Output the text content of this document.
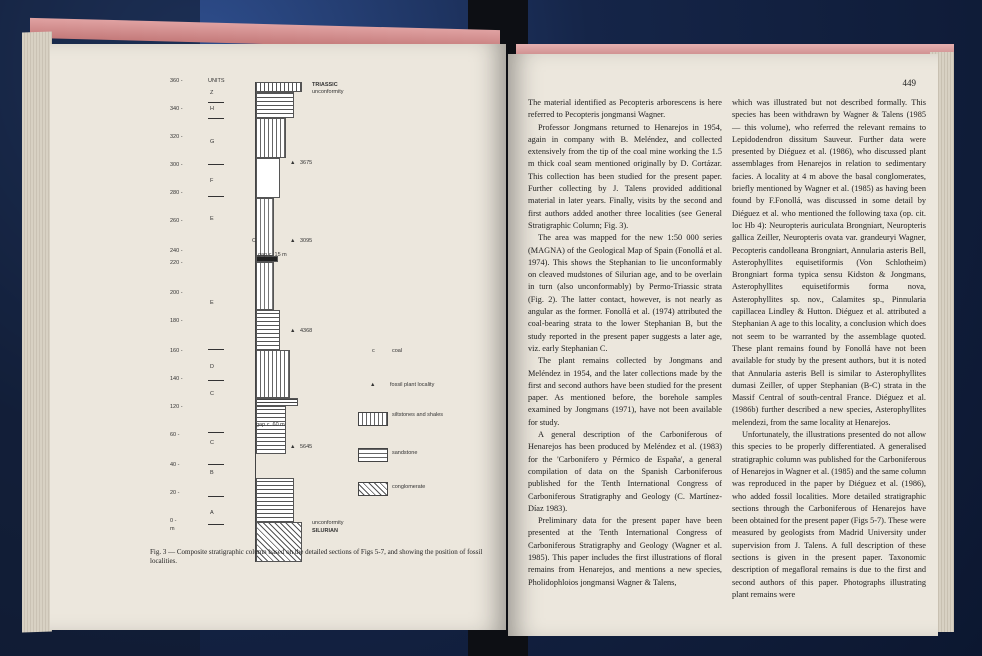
UNITS
360 -
340 -
320 -
300 -
280 -
260 -
240 -
220 -
200 -
180 -
160 -
140 -
120 -
60 -
40 -
20 -
0 -
m
Z
H
G
F
E
E
D
C
C
B
A
TRIASSIC
unconformity
▲ 3675
C	▲ 3095
gap c. 15 m
▲ 4368
gap c. 60 m
▲ 5645
unconformity
SILURIAN
c	coal
▲	fossil plant locality
siltstones and shales
sandstone
conglomerate
Fig. 3 — Composite stratigraphic column based on the detailed sections of Figs 5-7, and showing the position of fossil localities.
449

The material identified as Pecopteris arborescens is here referred to Pecopteris jongmansi Wagner.

Professor Jongmans returned to Henarejos in 1954, again in company with B. Meléndez, and collected extensively from the tip of the coal mine working the 1.5 m thick coal seam mentioned originally by D. Cortázar. This collection has been studied for the present paper. Further collecting by J. Talens provided additional material in later years. Finally, visits by the second and first authors added another three localities (see General Stratigraphic Column; Fig. 3).

The area was mapped for the new 1:50 000 series (MAGNA) of the Geological Map of Spain (Fonollá et al. 1974). This shows the Stephanian to lie unconformably on cleaved mudstones of Silurian age, and to be overlain in turn (also unconformably) by Permo-Triassic strata (Fig. 2). The latter contact, however, is not nearly as angular as the former. Fonollá et al. (1974) attributed the coal-bearing strata to the lower Stephanian B, but the study reported in the present paper suggests a later age, viz. early Stephanian C.

The plant remains collected by Jongmans and Meléndez in 1954, and the later collections made by the first and second authors have been studied for the present paper. As mentioned before, the borehole samples examined by Jongmans (1971), have not been available for study.

A general description of the Carboniferous of Henarejos has been produced by Meléndez et al. (1983) for the 'Carbonifero y Pérmico de España', a general compilation of data on the Spanish Carboniferous published for the Tenth International Congress of Carboniferous Stratigraphy and Geology (C. Martínez-Díaz 1983).

Preliminary data for the present paper have been presented at the Tenth International Congress of Carboniferous Stratigraphy and Geology (Wagner et al. 1985). This paper includes the first illustrations of floral remains from Henarejos, and mentions a new species, Pholidophloios jongmansi Wagner & Talens,

which was illustrated but not described formally. This species has been withdrawn by Wagner & Talens (1985 — this volume), who referred the relevant remains to Lepidodendron dissitum Sauveur. Further data were presented by Diéguez et al. (1986), who discussed plant assemblages from Henarejos in relation to sedimentary facies. A locality at 4 m above the basal conglomerates, briefly mentioned by Wagner et al. (1985) as having been found by F.Fonollá, was discussed in some detail by Diéguez et al. who mentioned the following taxa (op. cit. loc Hb 4): Neuropteris auriculata Brongniart, Neuropteris gallica Zeiller, Neuropteris ovata var. grandeuryi Wagner, Pecopteris candolleana Brongniart, Annularia asteris Bell, Asterophyllites equisetiformis (Von Schlotheim) Brongniart forma typica sensu Kidston & Jongmans, Asterophyllites equisetiformis forma nova, Asterophyllites sp. nov., Calamites sp., Pinnularia capillacea Lindley & Hutton. Diéguez et al. attributed a Stephanian A age to this locality, a conclusion which does not seem to be warranted by the assemblage quoted. These plant remains found by Fonollá have not been available for study by the present authors, but it is noted that Annularia asteris Bell is similar to Asterophyllites dumasi Zeiller, of upper Stephanian (B-C) strata in the Massif Central of south-central France. Diéguez et al. (1986b) further described a new species, Asterophyllites melendezi, from the same locality at Henarejos.

Unfortunately, the illustrations presented do not allow this species to be properly differentiated. A generalised stratigraphic column was published for the Carboniferous of Henarejos in Wagner et al. (1985) and the same column was reproduced in the paper by Diéguez et al. (1986), who added fossil localities. More detailed stratigraphic sections through the Carboniferous of Henarejos have been obtained for the present paper (Figs 5-7). These were measured by geologists from Madrid University under supervision from J. Talens. A full description of these sections is given in the present paper. Taxonomic description of megafloral remains is due to the first and second authors of this paper. Photographs illustrating plant remains were
